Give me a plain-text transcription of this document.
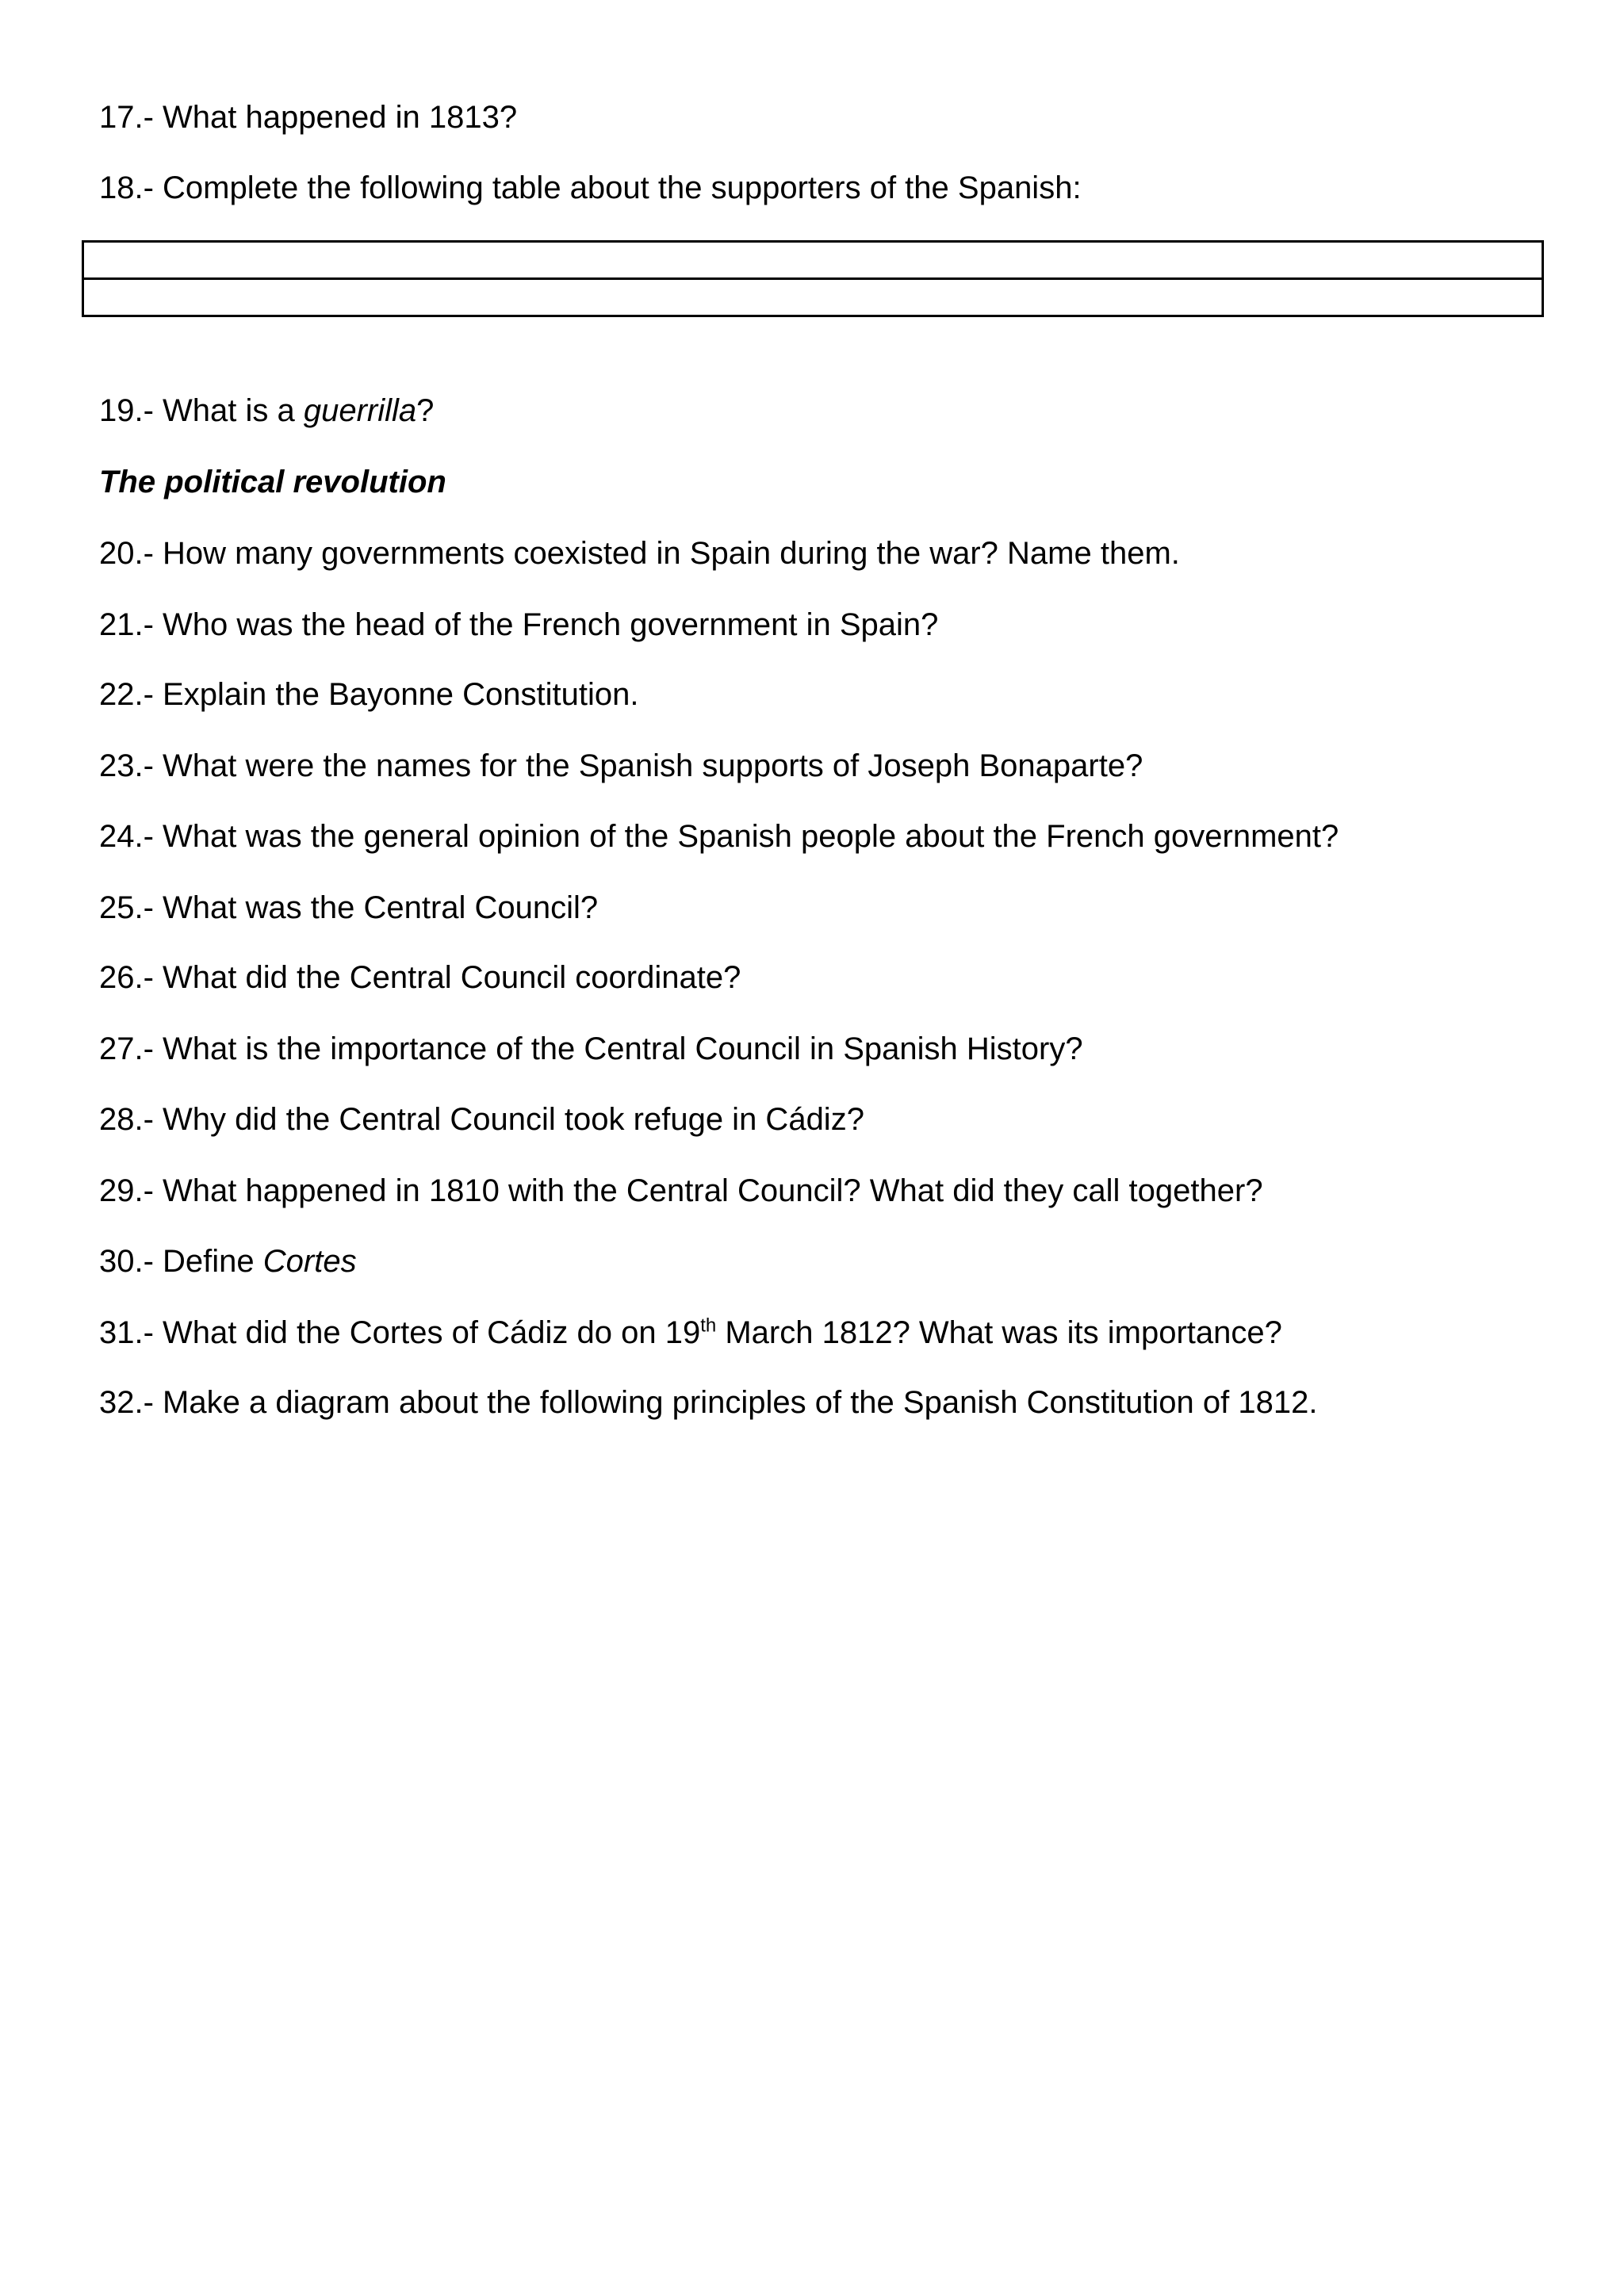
17.- What happened in 1813?
18.- Complete the following table about the supporters of the Spanish:

19.- What is a guerrilla?
The political revolution
20.- How many governments coexisted in Spain during the war? Name them.
21.- Who was the head of the French government in Spain?
22.- Explain the Bayonne Constitution.
23.- What were the names for the Spanish supports of Joseph Bonaparte?
24.- What was the general opinion of the Spanish people about the French government?
25.- What was the Central Council?
26.- What did the Central Council coordinate?
27.- What is the importance of the Central Council in Spanish History?
28.- Why did the Central Council took refuge in Cádiz?
29.- What happened in 1810 with the Central Council? What did they call together?
30.- Define Cortes
31.- What did the Cortes of Cádiz do on 19th March 1812? What was its importance?
32.- Make a diagram about the following principles of the Spanish Constitution of 1812.
